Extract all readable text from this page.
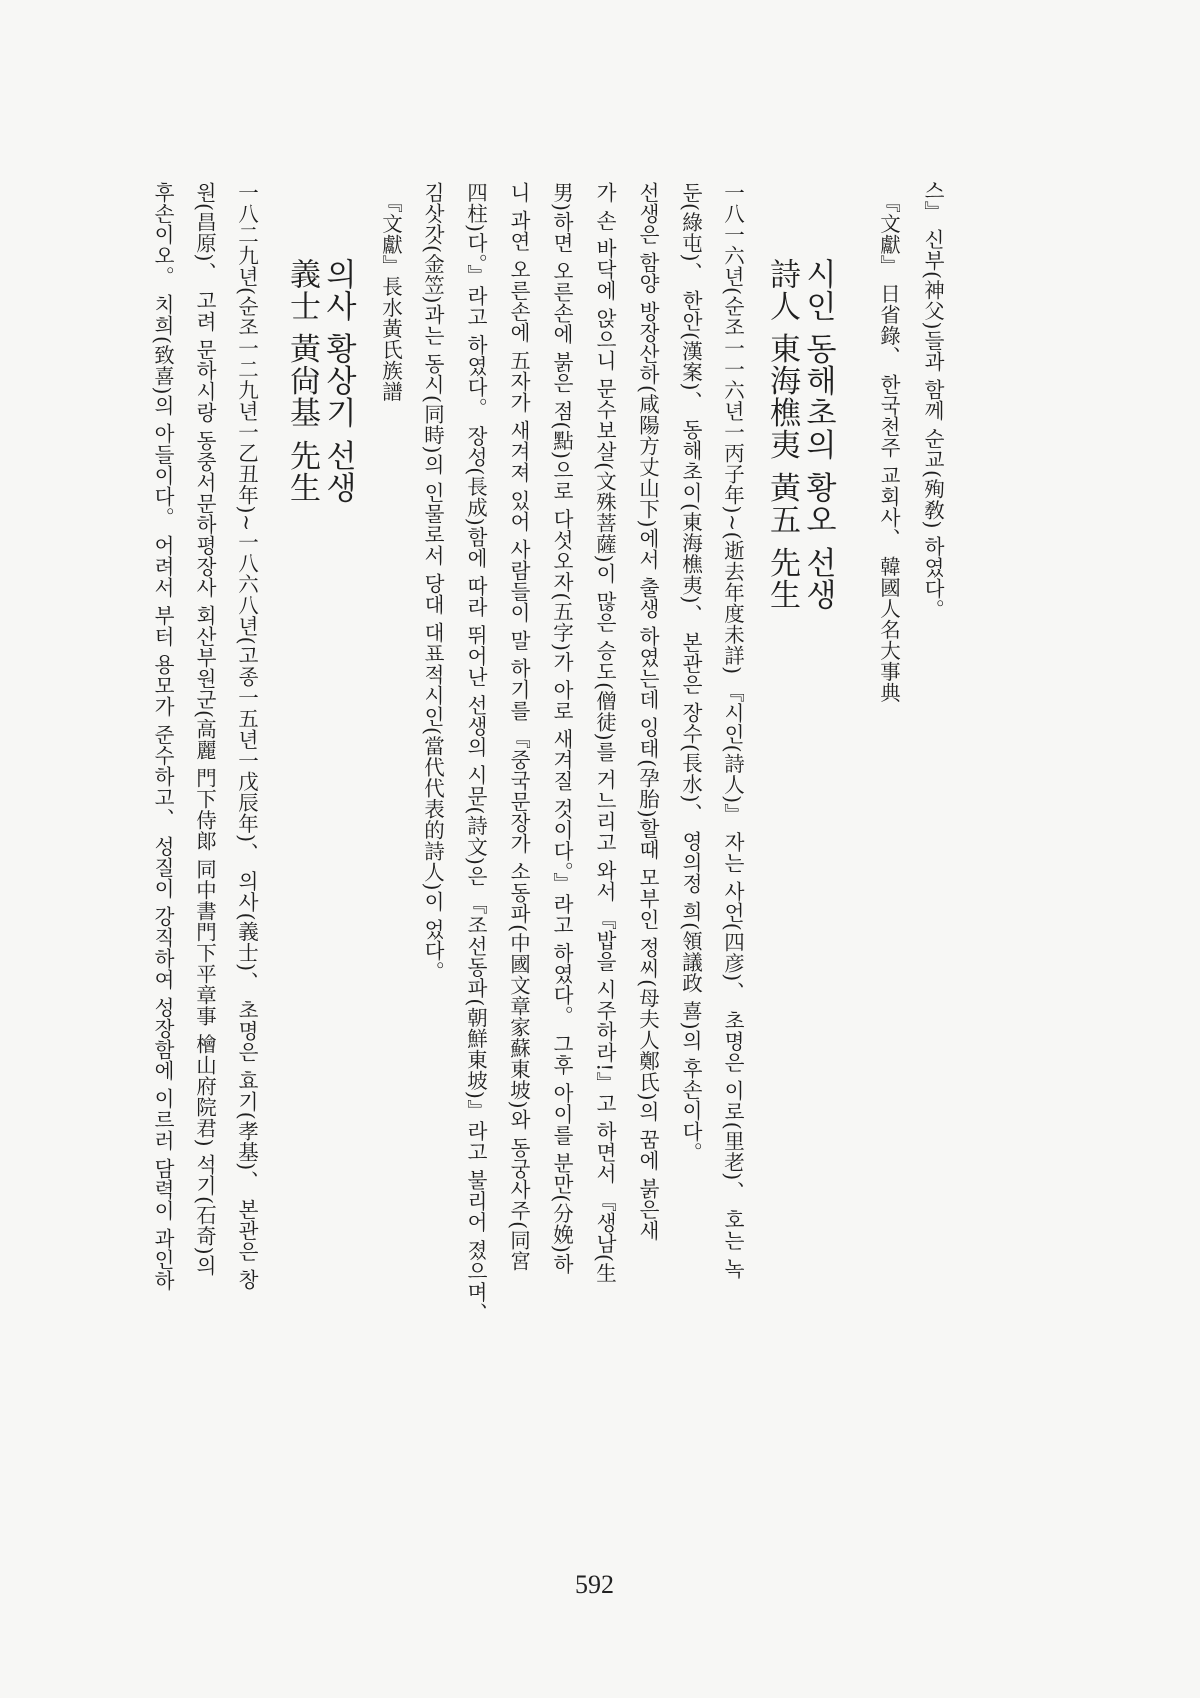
스』 신부(神父)들과 함께 순교(殉敎) 하였다。
『文獻』 日省錄、 한국천주 교회사、 韓國人名大事典
시인 동해초의 황오 선생
詩人 東海樵夷 黃五 先生
一八一六년(순조一一六년一丙子年)~(逝去年度未詳) 『시인(詩人)』 자는 사언(四彦)、 초명은 이로(里老)、 호는 녹
둔(綠屯)、 한안(漢案)、 동해초이(東海樵夷)、 본관은 장수(長水)、 영의정 희(領議政 喜)의 후손이다。
선생은 함양 방장산하(咸陽方丈山下)에서 출생 하였는데 잉태(孕胎)할때 모부인 정씨(母夫人鄭氏)의 꿈에 붉은새
가 손 바닥에 앉으니 문수보살(文殊菩薩)이 많은 승도(僧徒)를 거느리고 와서 『밥을 시주하라!』고 하면서 『생남(生
男)하면 오른손에 붉은 점(點)으로 다섯오자(五字)가 아로 새겨질 것이다。』라고 하였다。 그후 아이를 분만(分娩)하
니 과연 오른손에 五자가 새겨져 있어 사람들이 말 하기를 『중국문장가 소동파(中國文章家蘇東坡)와 동궁사주(同宮
四柱)다。』라고 하였다。 장성(長成)함에 따라 뛰어난 선생의 시문(詩文)은 『조선동파(朝鮮東坡)』라고 불리어 졌으며、
김삿갓(金笠)과는 동시(同時)의 인물로서 당대 대표적시인(當代代表的詩人)이 었다。
『文獻』長水黃氏族譜
의사 황상기 선생
義士 黃尙基 先生
一八二九년(순조一二九년一乙丑年)~一八六八년(고종一五년一戊辰年)、 의사(義士)、 초명은 효기(孝基)、 본관은 창
원(昌原)、 고려 문하시랑 동중서문하평장사 회산부원군(高麗 門下侍郞 同中書門下平章事 檜山府院君) 석기(石奇)의
후손이오。 치희(致喜)의 아들이다。 어려서 부터 용모가 준수하고、 성질이 강직하여 성장함에 이르러 담력이 과인하
592
